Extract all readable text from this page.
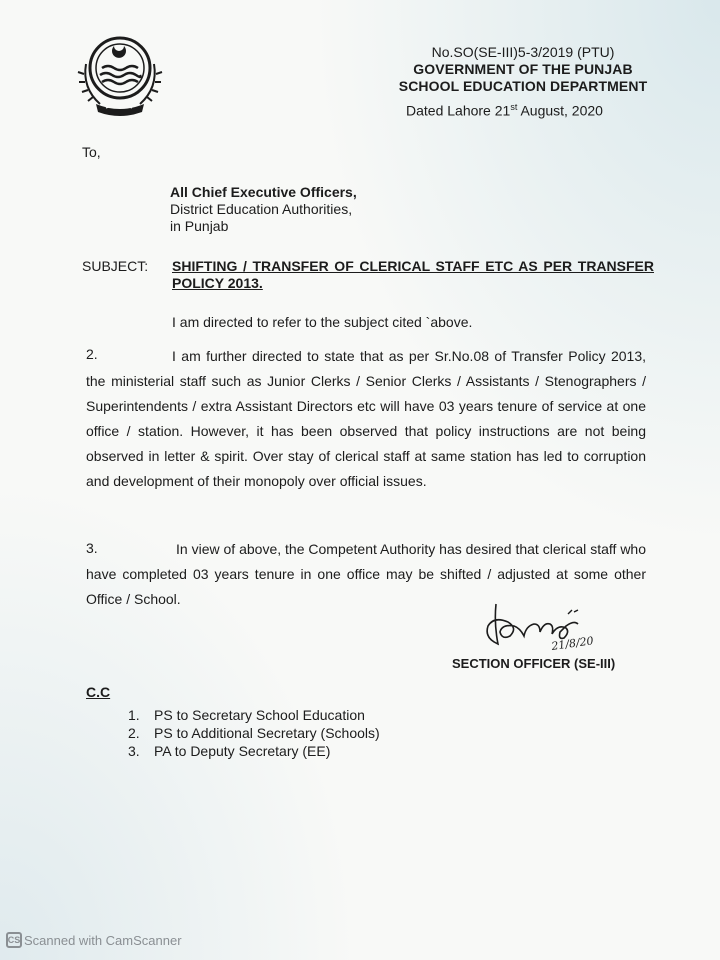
No.SO(SE-III)5-3/2019 (PTU)
GOVERNMENT OF THE PUNJAB
SCHOOL EDUCATION DEPARTMENT
Dated Lahore 21st August, 2020
To,
All Chief Executive Officers,
District Education Authorities,
in Punjab
SUBJECT: SHIFTING / TRANSFER OF CLERICAL STAFF ETC AS PER TRANSFER POLICY 2013.
I am directed to refer to the subject cited `above.
2.	I am further directed to state that as per Sr.No.08 of Transfer Policy 2013, the ministerial staff such as Junior Clerks / Senior Clerks / Assistants / Stenographers / Superintendents / extra Assistant Directors etc will have 03 years tenure of service at one office / station. However, it has been observed that policy instructions are not being observed in letter & spirit. Over stay of clerical staff at same station has led to corruption and development of their monopoly over official issues.
3.	In view of above, the Competent Authority has desired that clerical staff who have completed 03 years tenure in one office may be shifted / adjusted at some other Office / School.
21/8/20
SECTION OFFICER (SE-III)
C.C
1. PS to Secretary School Education
2. PS to Additional Secretary (Schools)
3. PA to Deputy Secretary (EE)
CS Scanned with CamScanner
